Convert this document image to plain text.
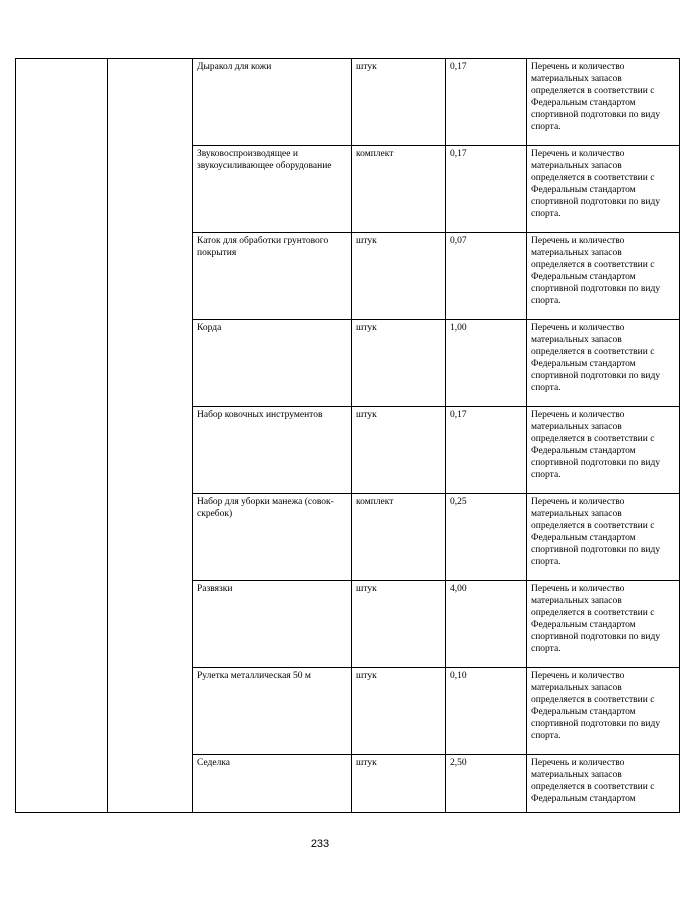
		Дыракол для кожи	штук	0,17	Перечень и количество материальных запасов определяется в соответствии с Федеральным стандартом спортивной подготовки по виду спорта.
		Звуковоспроизводящее и звукоусиливающее оборудование	комплект	0,17	Перечень и количество материальных запасов определяется в соответствии с Федеральным стандартом спортивной подготовки по виду спорта.
		Каток для обработки грунтового покрытия	штук	0,07	Перечень и количество материальных запасов определяется в соответствии с Федеральным стандартом спортивной подготовки по виду спорта.
		Корда	штук	1,00	Перечень и количество материальных запасов определяется в соответствии с Федеральным стандартом спортивной подготовки по виду спорта.
		Набор ковочных инструментов	штук	0,17	Перечень и количество материальных запасов определяется в соответствии с Федеральным стандартом спортивной подготовки по виду спорта.
		Набор для уборки манежа (совок-скребок)	комплект	0,25	Перечень и количество материальных запасов определяется в соответствии с Федеральным стандартом спортивной подготовки по виду спорта.
		Развязки	штук	4,00	Перечень и количество материальных запасов определяется в соответствии с Федеральным стандартом спортивной подготовки по виду спорта.
		Рулетка металлическая 50 м	штук	0,10	Перечень и количество материальных запасов определяется в соответствии с Федеральным стандартом спортивной подготовки по виду спорта.
		Седелка	штук	2,50	Перечень и количество материальных запасов определяется в соответствии с Федеральным стандартом
233
